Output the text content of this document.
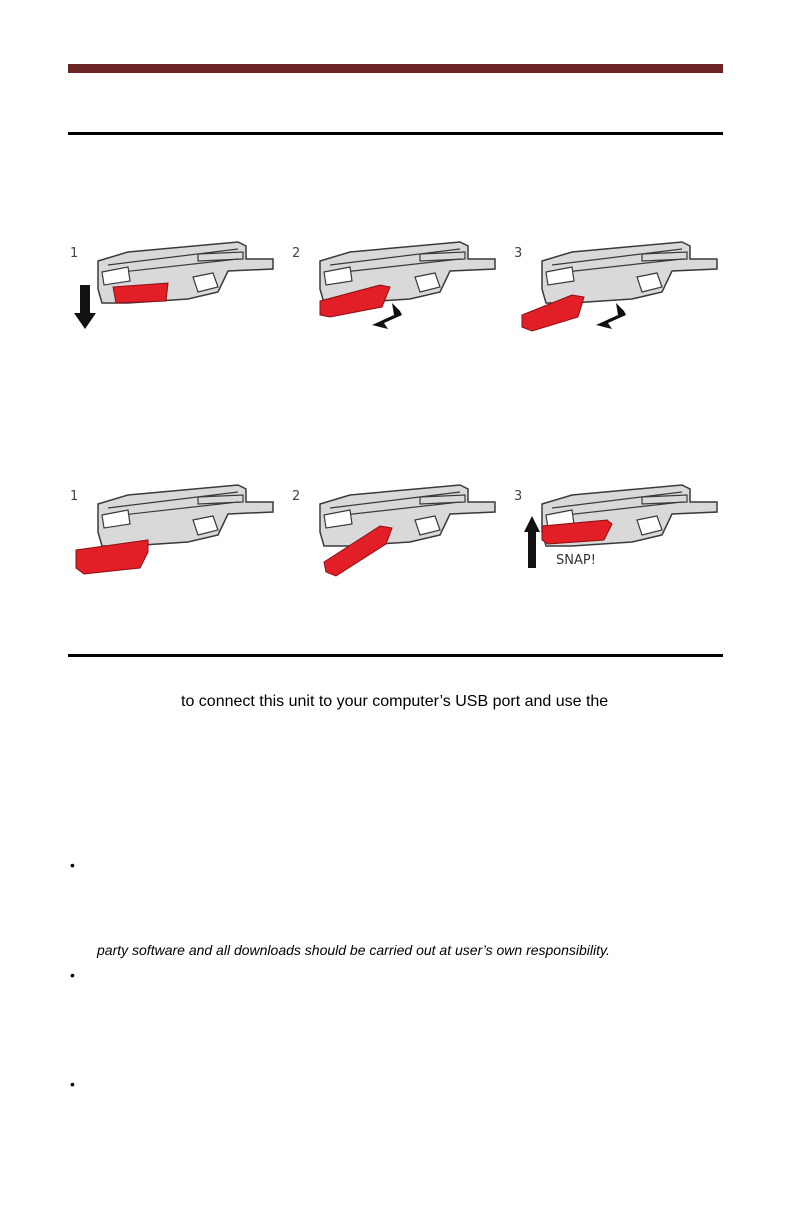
1	2	3
1	2	3
SNAP!
to connect this unit to your computer’s USB port and use the
•
party software and all downloads should be carried out at user’s own responsibility.
•
•
